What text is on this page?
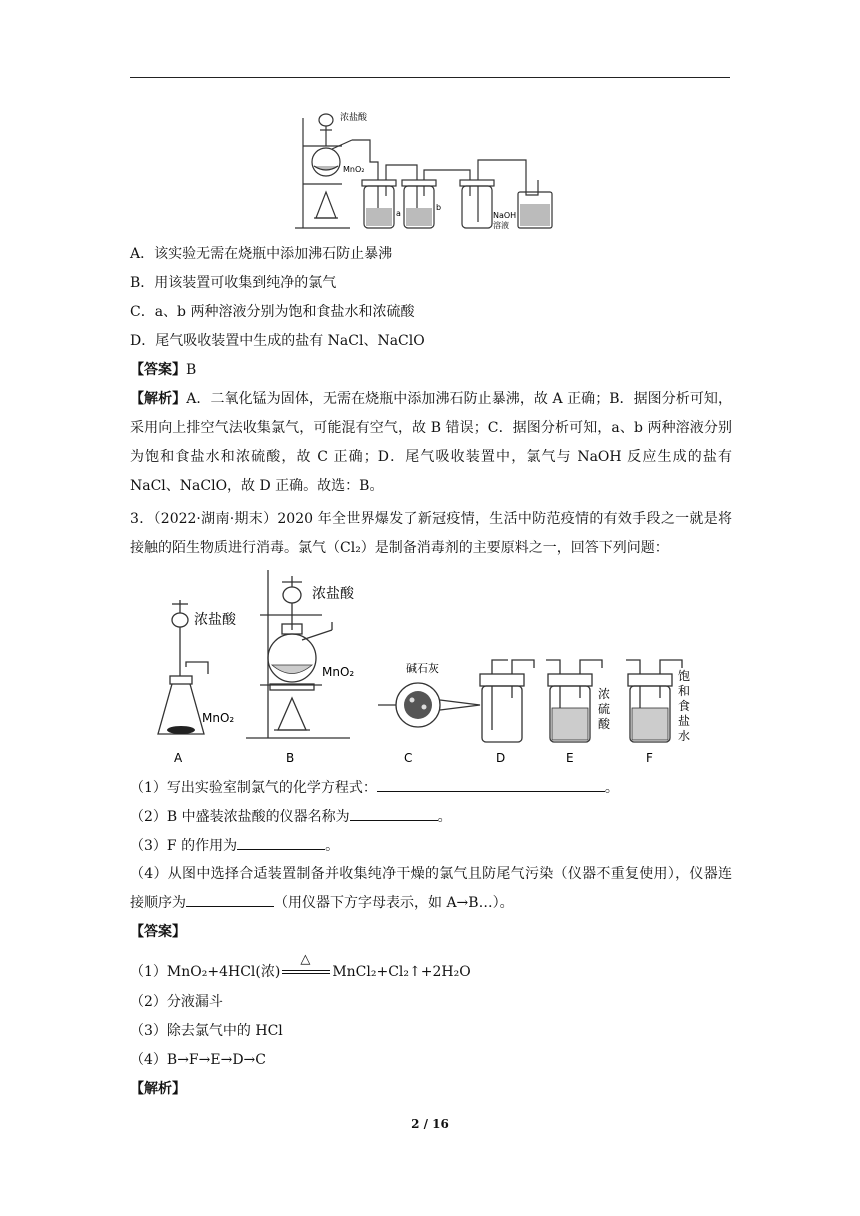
浓盐酸
MnO₂
a
b
NaOH
溶液
A．该实验无需在烧瓶中添加沸石防止暴沸
B．用该装置可收集到纯净的氯气
C．a、b 两种溶液分别为饱和食盐水和浓硫酸
D．尾气吸收装置中生成的盐有 NaCl、NaClO
【答案】B
【解析】A．二氧化锰为固体，无需在烧瓶中添加沸石防止暴沸，故 A 正确；B．据图分析可知，采用向上排空气法收集氯气，可能混有空气，故 B 错误；C．据图分析可知，a、b 两种溶液分别为饱和食盐水和浓硫酸，故 C 正确；D．尾气吸收装置中，氯气与 NaOH 反应生成的盐有 NaCl、NaClO，故 D 正确。故选：B。
3．（2022·湖南·期末）2020 年全世界爆发了新冠疫情，生活中防范疫情的有效手段之一就是将接触的陌生物质进行消毒。氯气（Cl₂）是制备消毒剂的主要原料之一，回答下列问题：
浓盐酸
MnO₂
浓盐酸
MnO₂	碱石灰
浓
硫
酸
饱
和
食
盐
水
A	B	C	D	E	F
（1）写出实验室制氯气的化学方程式：	。
（2）B 中盛装浓盐酸的仪器名称为	。
（3）F 的作用为	。
（4）从图中选择合适装置制备并收集纯净干燥的氯气且防尾气污染（仪器不重复使用），仪器连接顺序为	（用仪器下方字母表示，如 A→B…）。
【答案】
（1）MnO₂+4HCl(浓)
△
MnCl₂+Cl₂↑+2H₂O
（2）分液漏斗
（3）除去氯气中的 HCl
（4）B→F→E→D→C
【解析】
2 / 16
